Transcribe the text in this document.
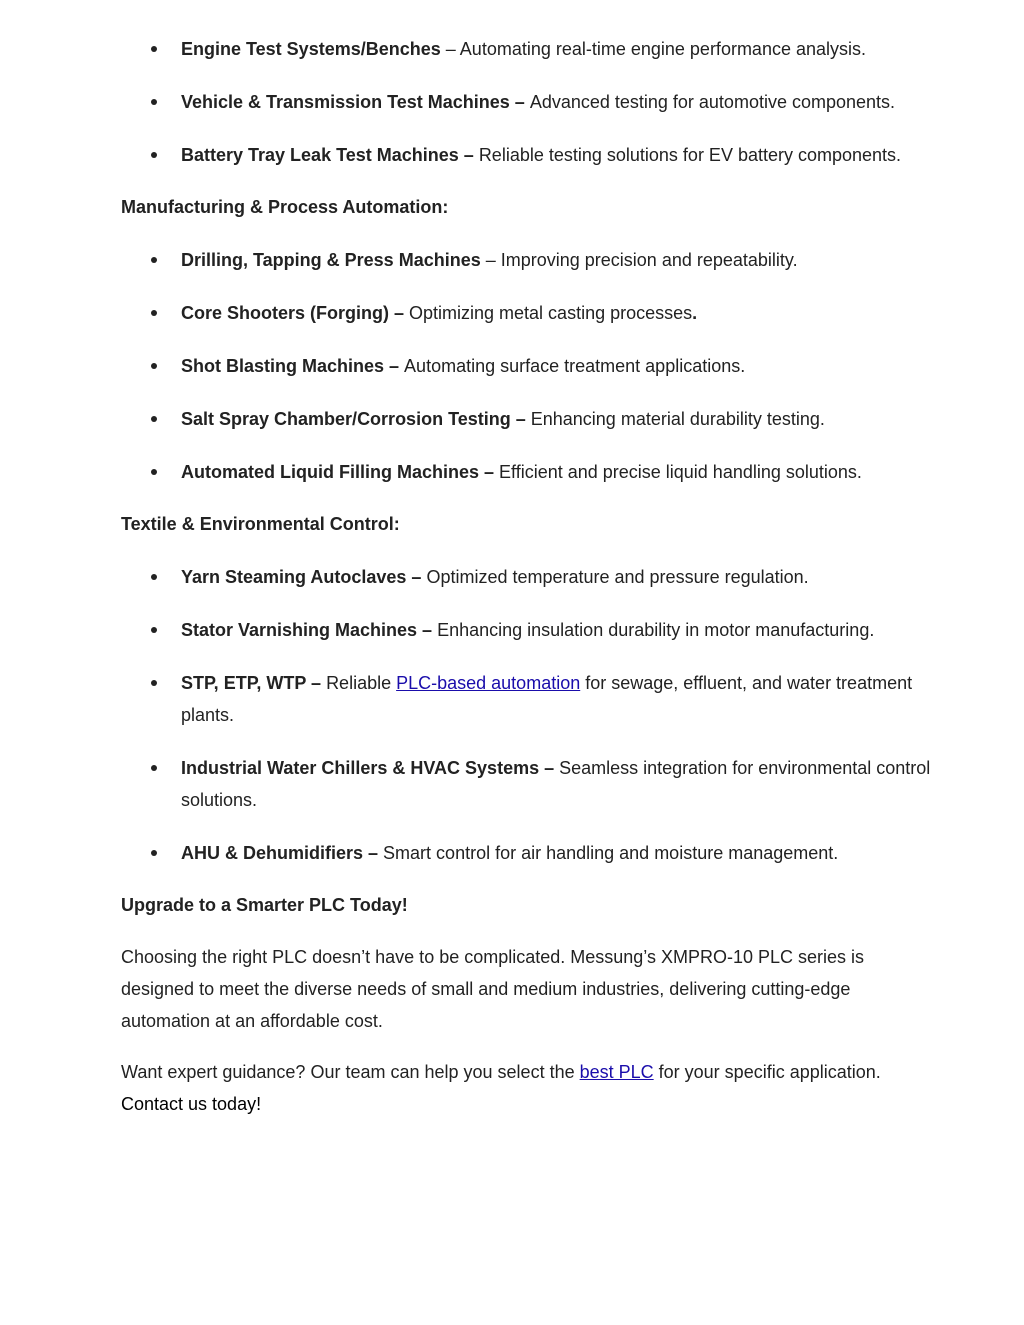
Engine Test Systems/Benches – Automating real-time engine performance analysis.
Vehicle & Transmission Test Machines – Advanced testing for automotive components.
Battery Tray Leak Test Machines – Reliable testing solutions for EV battery components.
Manufacturing & Process Automation:
Drilling, Tapping & Press Machines – Improving precision and repeatability.
Core Shooters (Forging) – Optimizing metal casting processes.
Shot Blasting Machines – Automating surface treatment applications.
Salt Spray Chamber/Corrosion Testing – Enhancing material durability testing.
Automated Liquid Filling Machines – Efficient and precise liquid handling solutions.
Textile & Environmental Control:
Yarn Steaming Autoclaves – Optimized temperature and pressure regulation.
Stator Varnishing Machines – Enhancing insulation durability in motor manufacturing.
STP, ETP, WTP – Reliable PLC-based automation for sewage, effluent, and water treatment plants.
Industrial Water Chillers & HVAC Systems – Seamless integration for environmental control solutions.
AHU & Dehumidifiers – Smart control for air handling and moisture management.
Upgrade to a Smarter PLC Today!
Choosing the right PLC doesn’t have to be complicated. Messung’s XMPRO-10 PLC series is designed to meet the diverse needs of small and medium industries, delivering cutting-edge automation at an affordable cost.
Want expert guidance? Our team can help you select the best PLC for your specific application.
Contact us today!
